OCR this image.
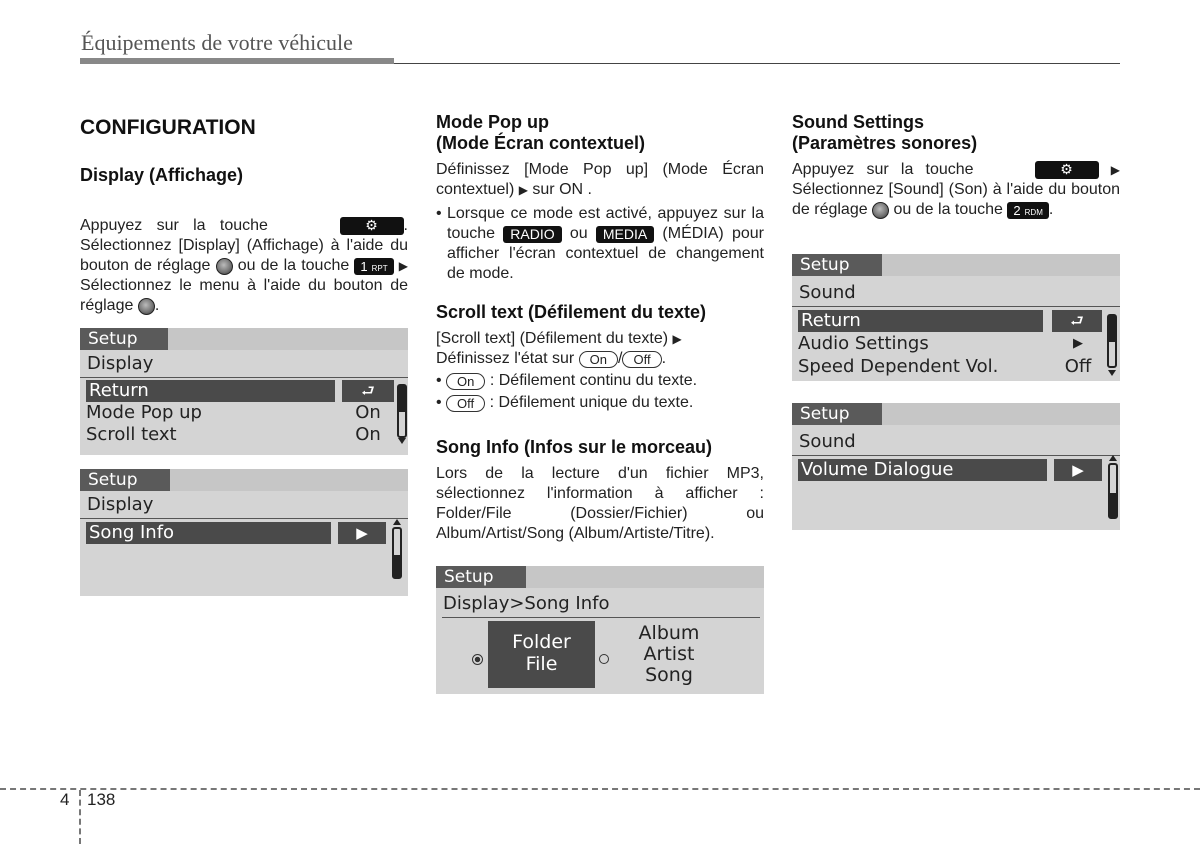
Équipements de votre véhicule
CONFIGURATION
Display (Affichage)

Appuyez sur la touche	⚙ . Sélectionnez [Display] (Affichage) à l'aide du bouton de réglage ou de la touche 1 RPT ▶ Sélectionnez le menu à l'aide du bouton de réglage .

Setup
Display
Return	⮐
Mode Pop up	On
Scroll text	On
Setup
Display
Song Info	▶
Mode Pop up
(Mode Écran contextuel)

Définissez [Mode Pop up] (Mode Écran contextuel) ▶ sur ON .

• Lorsque ce mode est activé, appuyez sur la touche RADIO ou MEDIA (MÉDIA) pour afficher l'écran contextuel de changement de mode.
Scroll text (Défilement du texte)

[Scroll text] (Défilement du texte) ▶
Définissez l'état sur On / Off .

• On : Défilement continu du texte.

• Off : Défilement unique du texte.

Song Info (Infos sur le morceau)

Lors de la lecture d'un fichier MP3, sélectionnez l'information à afficher : Folder/File (Dossier/Fichier) ou Album/Artist/Song (Album/Artiste/Titre).

Setup
Display>Song Info
Folder
File
Album
Artist
Song
Sound Settings
(Paramètres sonores)

Appuyez sur la touche	⚙	▶ Sélectionnez [Sound] (Son) à l'aide du bouton de réglage ou de la touche 2 RDM .

Setup
Sound
Return	⮐
Audio Settings	▶
Speed Dependent Vol.	Off
Setup
Sound
Volume Dialogue	▶
4 138
